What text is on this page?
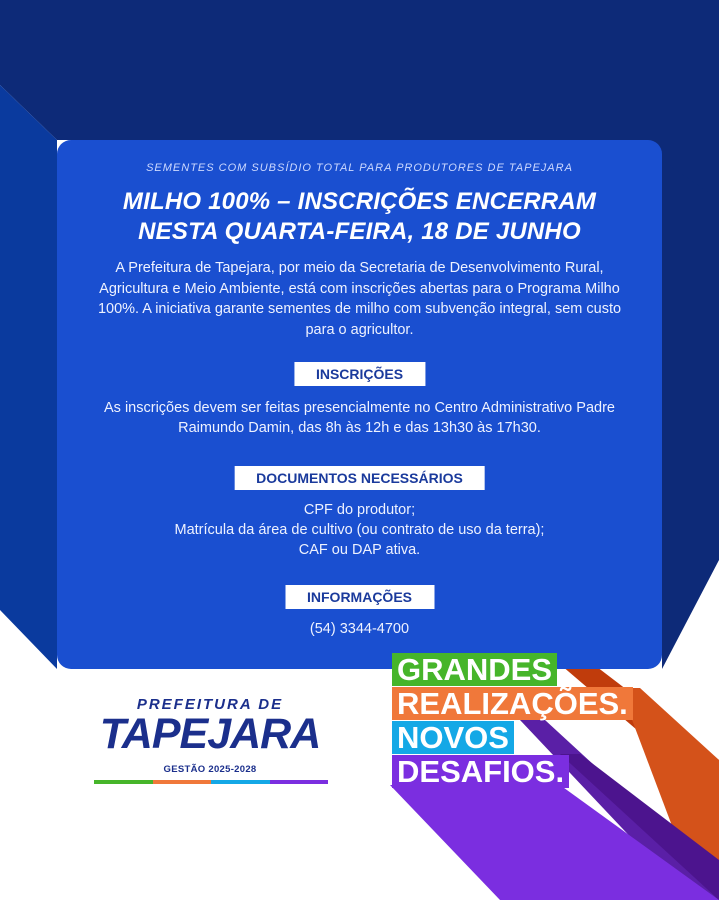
SEMENTES COM SUBSÍDIO TOTAL PARA PRODUTORES DE TAPEJARA
MILHO 100% – INSCRIÇÕES ENCERRAM
NESTA QUARTA-FEIRA, 18 DE JUNHO
A Prefeitura de Tapejara, por meio da Secretaria de Desenvolvimento Rural, Agricultura e Meio Ambiente, está com inscrições abertas para o Programa Milho 100%. A iniciativa garante sementes de milho com subvenção integral, sem custo para o agricultor.
INSCRIÇÕES
As inscrições devem ser feitas presencialmente no Centro Administrativo Padre Raimundo Damin, das 8h às 12h e das 13h30 às 17h30.
DOCUMENTOS NECESSÁRIOS
CPF do produtor;
Matrícula da área de cultivo (ou contrato de uso da terra);
CAF ou DAP ativa.
INFORMAÇÕES
(54) 3344-4700
PREFEITURA DE
TAPEJARA
GESTÃO 2025-2028
GRANDES
REALIZAÇÕES.
NOVOS
DESAFIOS.
